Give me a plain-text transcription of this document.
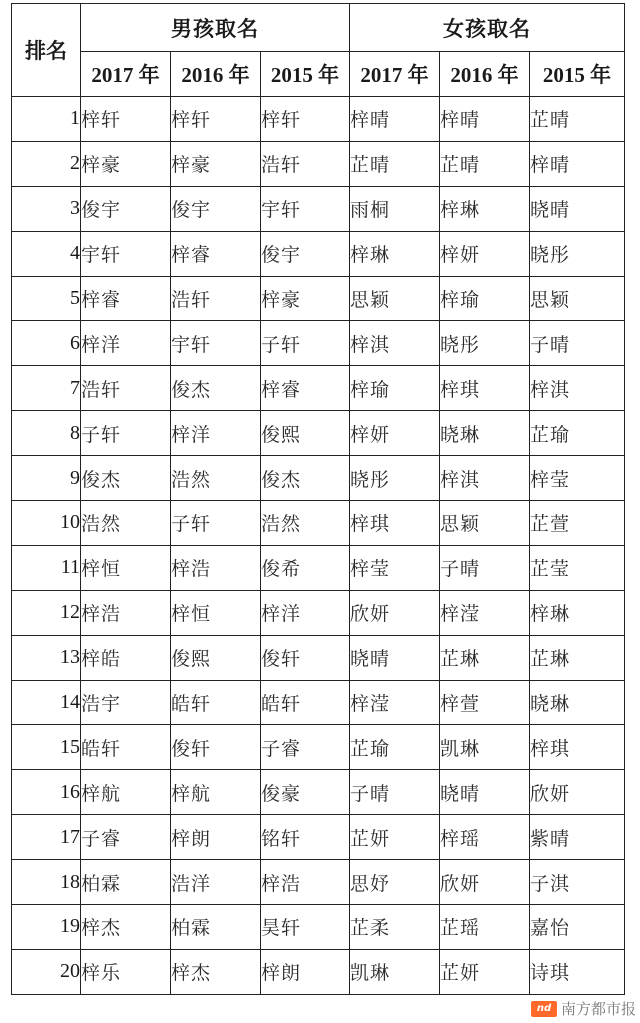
排名	男孩取名			女孩取名		
	2017 年	2016 年	2015 年	2017 年	2016 年	2015 年
1	梓轩	梓轩	梓轩	梓晴	梓晴	芷晴
2	梓豪	梓豪	浩轩	芷晴	芷晴	梓晴
3	俊宇	俊宇	宇轩	雨桐	梓琳	晓晴
4	宇轩	梓睿	俊宇	梓琳	梓妍	晓彤
5	梓睿	浩轩	梓豪	思颖	梓瑜	思颖
6	梓洋	宇轩	子轩	梓淇	晓彤	子晴
7	浩轩	俊杰	梓睿	梓瑜	梓琪	梓淇
8	子轩	梓洋	俊熙	梓妍	晓琳	芷瑜
9	俊杰	浩然	俊杰	晓彤	梓淇	梓莹
10	浩然	子轩	浩然	梓琪	思颖	芷萱
11	梓恒	梓浩	俊希	梓莹	子晴	芷莹
12	梓浩	梓恒	梓洋	欣妍	梓滢	梓琳
13	梓皓	俊熙	俊轩	晓晴	芷琳	芷琳
14	浩宇	皓轩	皓轩	梓滢	梓萱	晓琳
15	皓轩	俊轩	子睿	芷瑜	凯琳	梓琪
16	梓航	梓航	俊豪	子晴	晓晴	欣妍
17	子睿	梓朗	铭轩	芷妍	梓瑶	紫晴
18	柏霖	浩洋	梓浩	思妤	欣妍	子淇
19	梓杰	柏霖	昊轩	芷柔	芷瑶	嘉怡
20	梓乐	梓杰	梓朗	凯琳	芷妍	诗琪
nd 南方都市报
